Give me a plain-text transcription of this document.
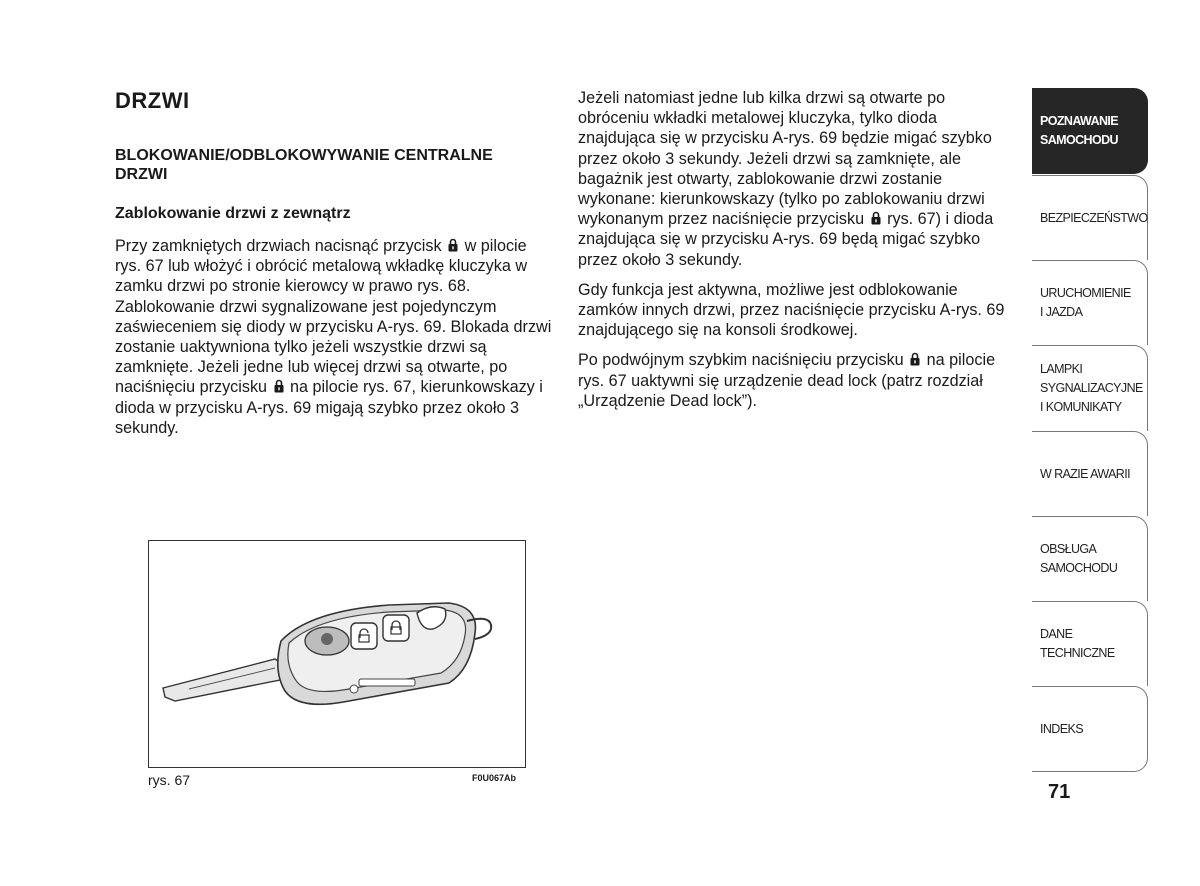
DRZWI
BLOKOWANIE/ODBLOKOWYWANIE CENTRALNE DRZWI
Zablokowanie drzwi z zewnątrz

Przy zamkniętych drzwiach nacisnąć przycisk w pilocie rys. 67 lub włożyć i obrócić metalową wkładkę kluczyka w zamku drzwi po stronie kierowcy w prawo rys. 68. Zablokowanie drzwi sygnalizowane jest pojedynczym zaświeceniem się diody w przycisku A-rys. 69. Blokada drzwi zostanie uaktywniona tylko jeżeli wszystkie drzwi są zamknięte. Jeżeli jedne lub więcej drzwi są otwarte, po naciśnięciu przycisku na pilocie rys. 67, kierunkowskazy i dioda w przycisku A-rys. 69 migają szybko przez około 3 sekundy.

Jeżeli natomiast jedne lub kilka drzwi są otwarte po obróceniu wkładki metalowej kluczyka, tylko dioda znajdująca się w przycisku A-rys. 69 będzie migać szybko przez około 3 sekundy. Jeżeli drzwi są zamknięte, ale bagażnik jest otwarty, zablokowanie drzwi zostanie wykonane: kierunkowskazy (tylko po zablokowaniu drzwi wykonanym przez naciśnięcie przycisku rys. 67) i dioda znajdująca się w przycisku A-rys. 69 będą migać szybko przez około 3 sekundy.

Gdy funkcja jest aktywna, możliwe jest odblokowanie zamków innych drzwi, przez naciśnięcie przycisku A-rys. 69 znajdującego się na konsoli środkowej.

Po podwójnym szybkim naciśnięciu przycisku na pilocie rys. 67 uaktywni się urządzenie dead lock (patrz rozdział „Urządzenie Dead lock”).

rys. 67	F0U067Ab
POZNAWANIE
SAMOCHODU
BEZPIECZEŃSTWO
URUCHOMIENIE
I JAZDA
LAMPKI
SYGNALIZACYJNE
I KOMUNIKATY
W RAZIE AWARII
OBSŁUGA
SAMOCHODU
DANE
TECHNICZNE
INDEKS
71
